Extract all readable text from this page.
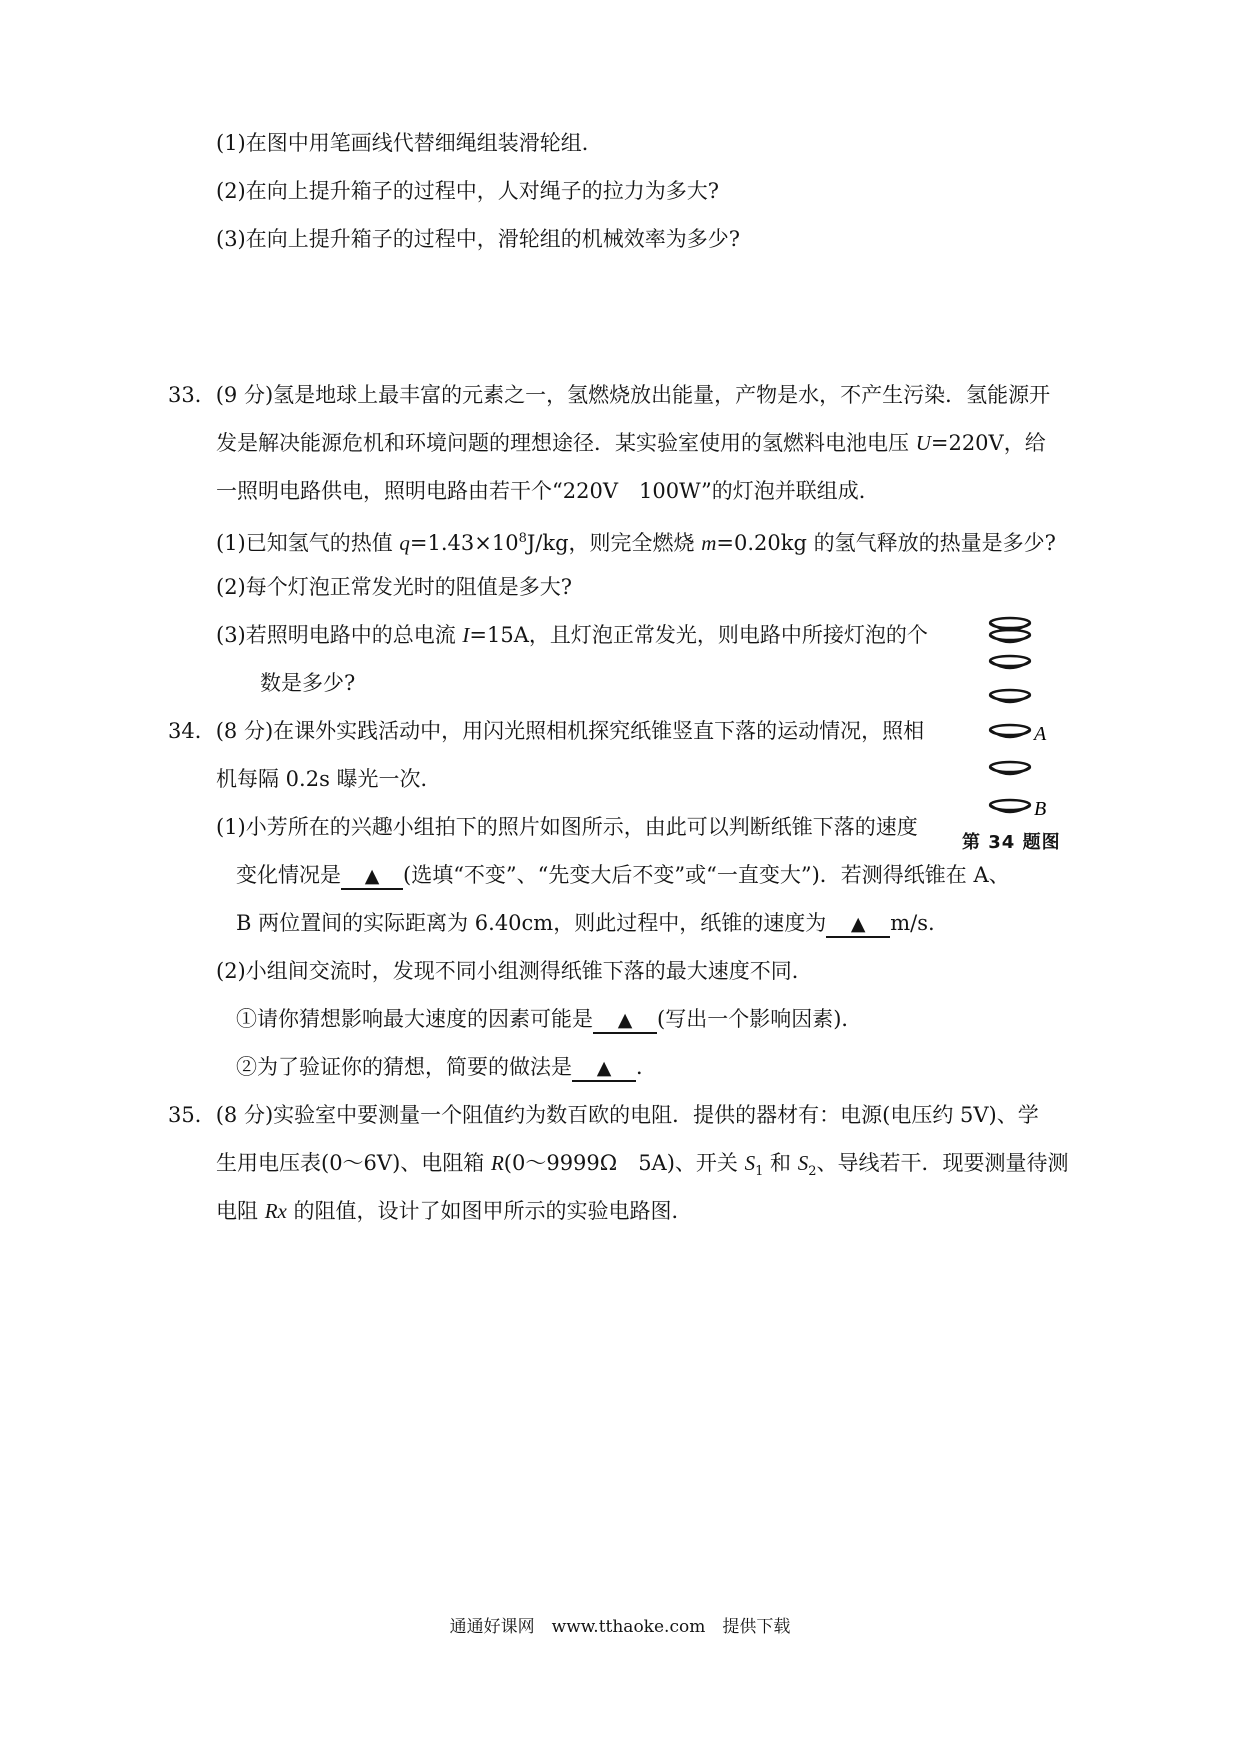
(1)在图中用笔画线代替细绳组装滑轮组．
(2)在向上提升箱子的过程中，人对绳子的拉力为多大?
(3)在向上提升箱子的过程中，滑轮组的机械效率为多少?
33．(9 分)氢是地球上最丰富的元素之一，氢燃烧放出能量，产物是水，不产生污染．氢能源开
发是解决能源危机和环境问题的理想途径．某实验室使用的氢燃料电池电压 U=220V，给
一照明电路供电，照明电路由若干个“220V　100W”的灯泡并联组成．
(1)已知氢气的热值 $q=1.43\times 10^8J/kg$，则完全燃烧 m=0.20kg 的氢气释放的热量是多少?
(2)每个灯泡正常发光时的阻值是多大?
(3)若照明电路中的总电流 I=15A，且灯泡正常发光，则电路中所接灯泡的个
数是多少?
34．(8 分)在课外实践活动中，用闪光照相机探究纸锥竖直下落的运动情况，照相
机每隔 0.2s 曝光一次．
(1)小芳所在的兴趣小组拍下的照片如图所示，由此可以判断纸锥下落的速度
变化情况是 ▲ (选填“不变”、“先变大后不变”或“一直变大”)．若测得纸锥在 A、
B 两位置间的实际距离为 6.40cm，则此过程中，纸锥的速度为 ▲ m/s.
(2)小组间交流时，发现不同小组测得纸锥下落的最大速度不同．
①请你猜想影响最大速度的因素可能是 ▲ (写出一个影响因素)．
②为了验证你的猜想，简要的做法是 ▲ ．
A
B
第 34 题图
35．(8 分)实验室中要测量一个阻值约为数百欧的电阻．提供的器材有：电源(电压约 5V)、学
生用电压表(0～6V)、电阻箱 R(0～9999Ω　5A)、开关 $S_1$ 和 $S_2$、导线若干．现要测量待测
电阻 Rx 的阻值，设计了如图甲所示的实验电路图．
通通好课网　www.tthaoke.com　提供下载
